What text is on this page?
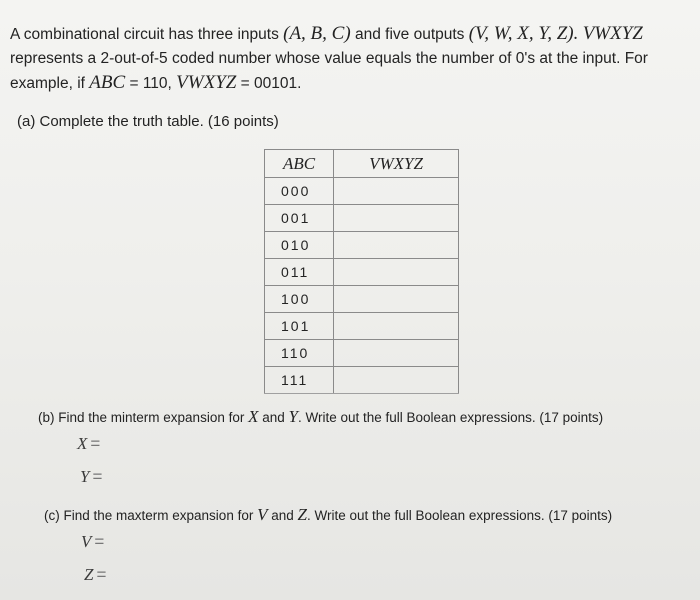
A combinational circuit has three inputs (A, B, C) and five outputs (V, W, X, Y, Z). VWXYZ
represents a 2-out-of-5 coded number whose value equals the number of 0's at the input. For
example, if ABC = 110, VWXYZ = 00101.
(a) Complete the truth table. (16 points)
ABC	VWXYZ
000	
001	
010	
011	
100	
101	
110	
111	
(b) Find the minterm expansion for X and Y. Write out the full Boolean expressions. (17 points)
X =
Y =
(c) Find the maxterm expansion for V and Z. Write out the full Boolean expressions. (17 points)
V =
Z =
